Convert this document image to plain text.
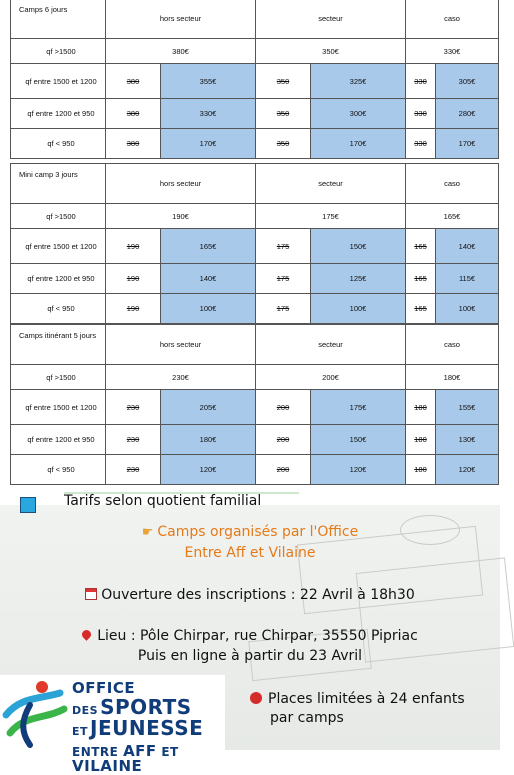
Camps 6 jours	hors secteur		secteur		caso	
qf >1500	380€		350€		330€	
qf entre 1500 et 1200	380	355€	350	325€	330	305€
qf entre 1200 et 950	380	330€	350	300€	330	280€
qf < 950	380	170€	350	170€	330	170€
Mini camp 3 jours	hors secteur		secteur		caso	
qf >1500	190€		175€		165€	
qf entre 1500 et 1200	190	165€	175	150€	165	140€
qf entre 1200 et 950	190	140€	175	125€	165	115€
qf < 950	190	100€	175	100€	165	100€
Camps itinérant 5 jours	hors secteur		secteur		caso	
qf >1500	230€		200€		180€	
qf entre 1500 et 1200	230	205€	200	175€	180	155€
qf entre 1200 et 950	230	180€	200	150€	180	130€
qf < 950	230	120€	200	120€	180	120€
Tarifs selon quotient familial
☛ Camps organisés par l'Office
Entre Aff et Vilaine
Ouverture des inscriptions : 22 Avril à 18h30
Lieu : Pôle Chirpar, rue Chirpar, 35550 Pipriac
Puis en ligne à partir du 23 Avril
OFFICE
DES SPORTS
ET JEUNESSE
ENTRE AFF ET VILAINE
Places limitées à 24 enfants
par camps
